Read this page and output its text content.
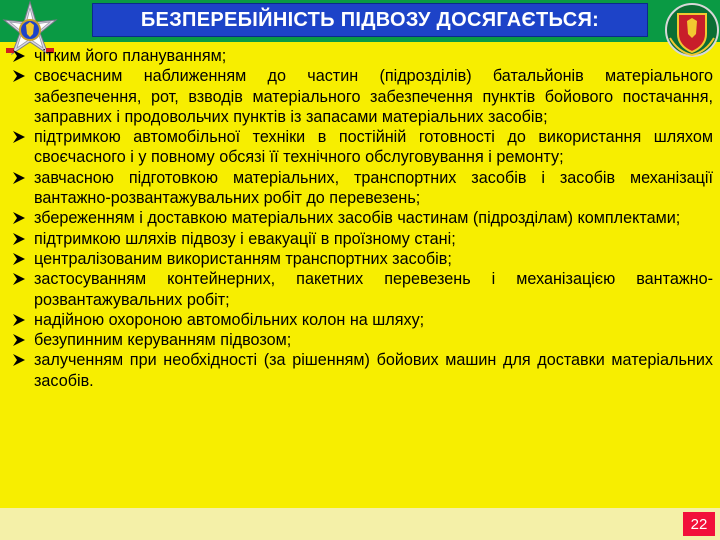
БЕЗПЕРЕБІЙНІСТЬ ПІДВОЗУ ДОСЯГАЄТЬСЯ:
чітким його плануванням;
своєчасним наближенням до частин (підрозділів) батальйонів матеріального забезпечення, рот, взводів матеріального забезпечення пунктів бойового постачання, заправних і продовольчих пунктів із запасами матеріальних засобів;
підтримкою автомобільної техніки в постійній готовності до використання шляхом своєчасного і у повному обсязі її технічного обслуговування і ремонту;
завчасною підготовкою матеріальних, транспортних засобів і засобів механізації вантажно-розвантажувальних робіт до перевезень;
збереженням і доставкою матеріальних засобів частинам (підрозділам) комплектами;
підтримкою шляхів підвозу і евакуації в проїзному стані;
централізованим використанням транспортних засобів;
застосуванням контейнерних, пакетних перевезень і механізацією вантажно-розвантажувальних робіт;
надійною охороною автомобільних колон на шляху;
безупинним керуванням підвозом;
залученням при необхідності (за рішенням) бойових машин для доставки матеріальних засобів.
22
